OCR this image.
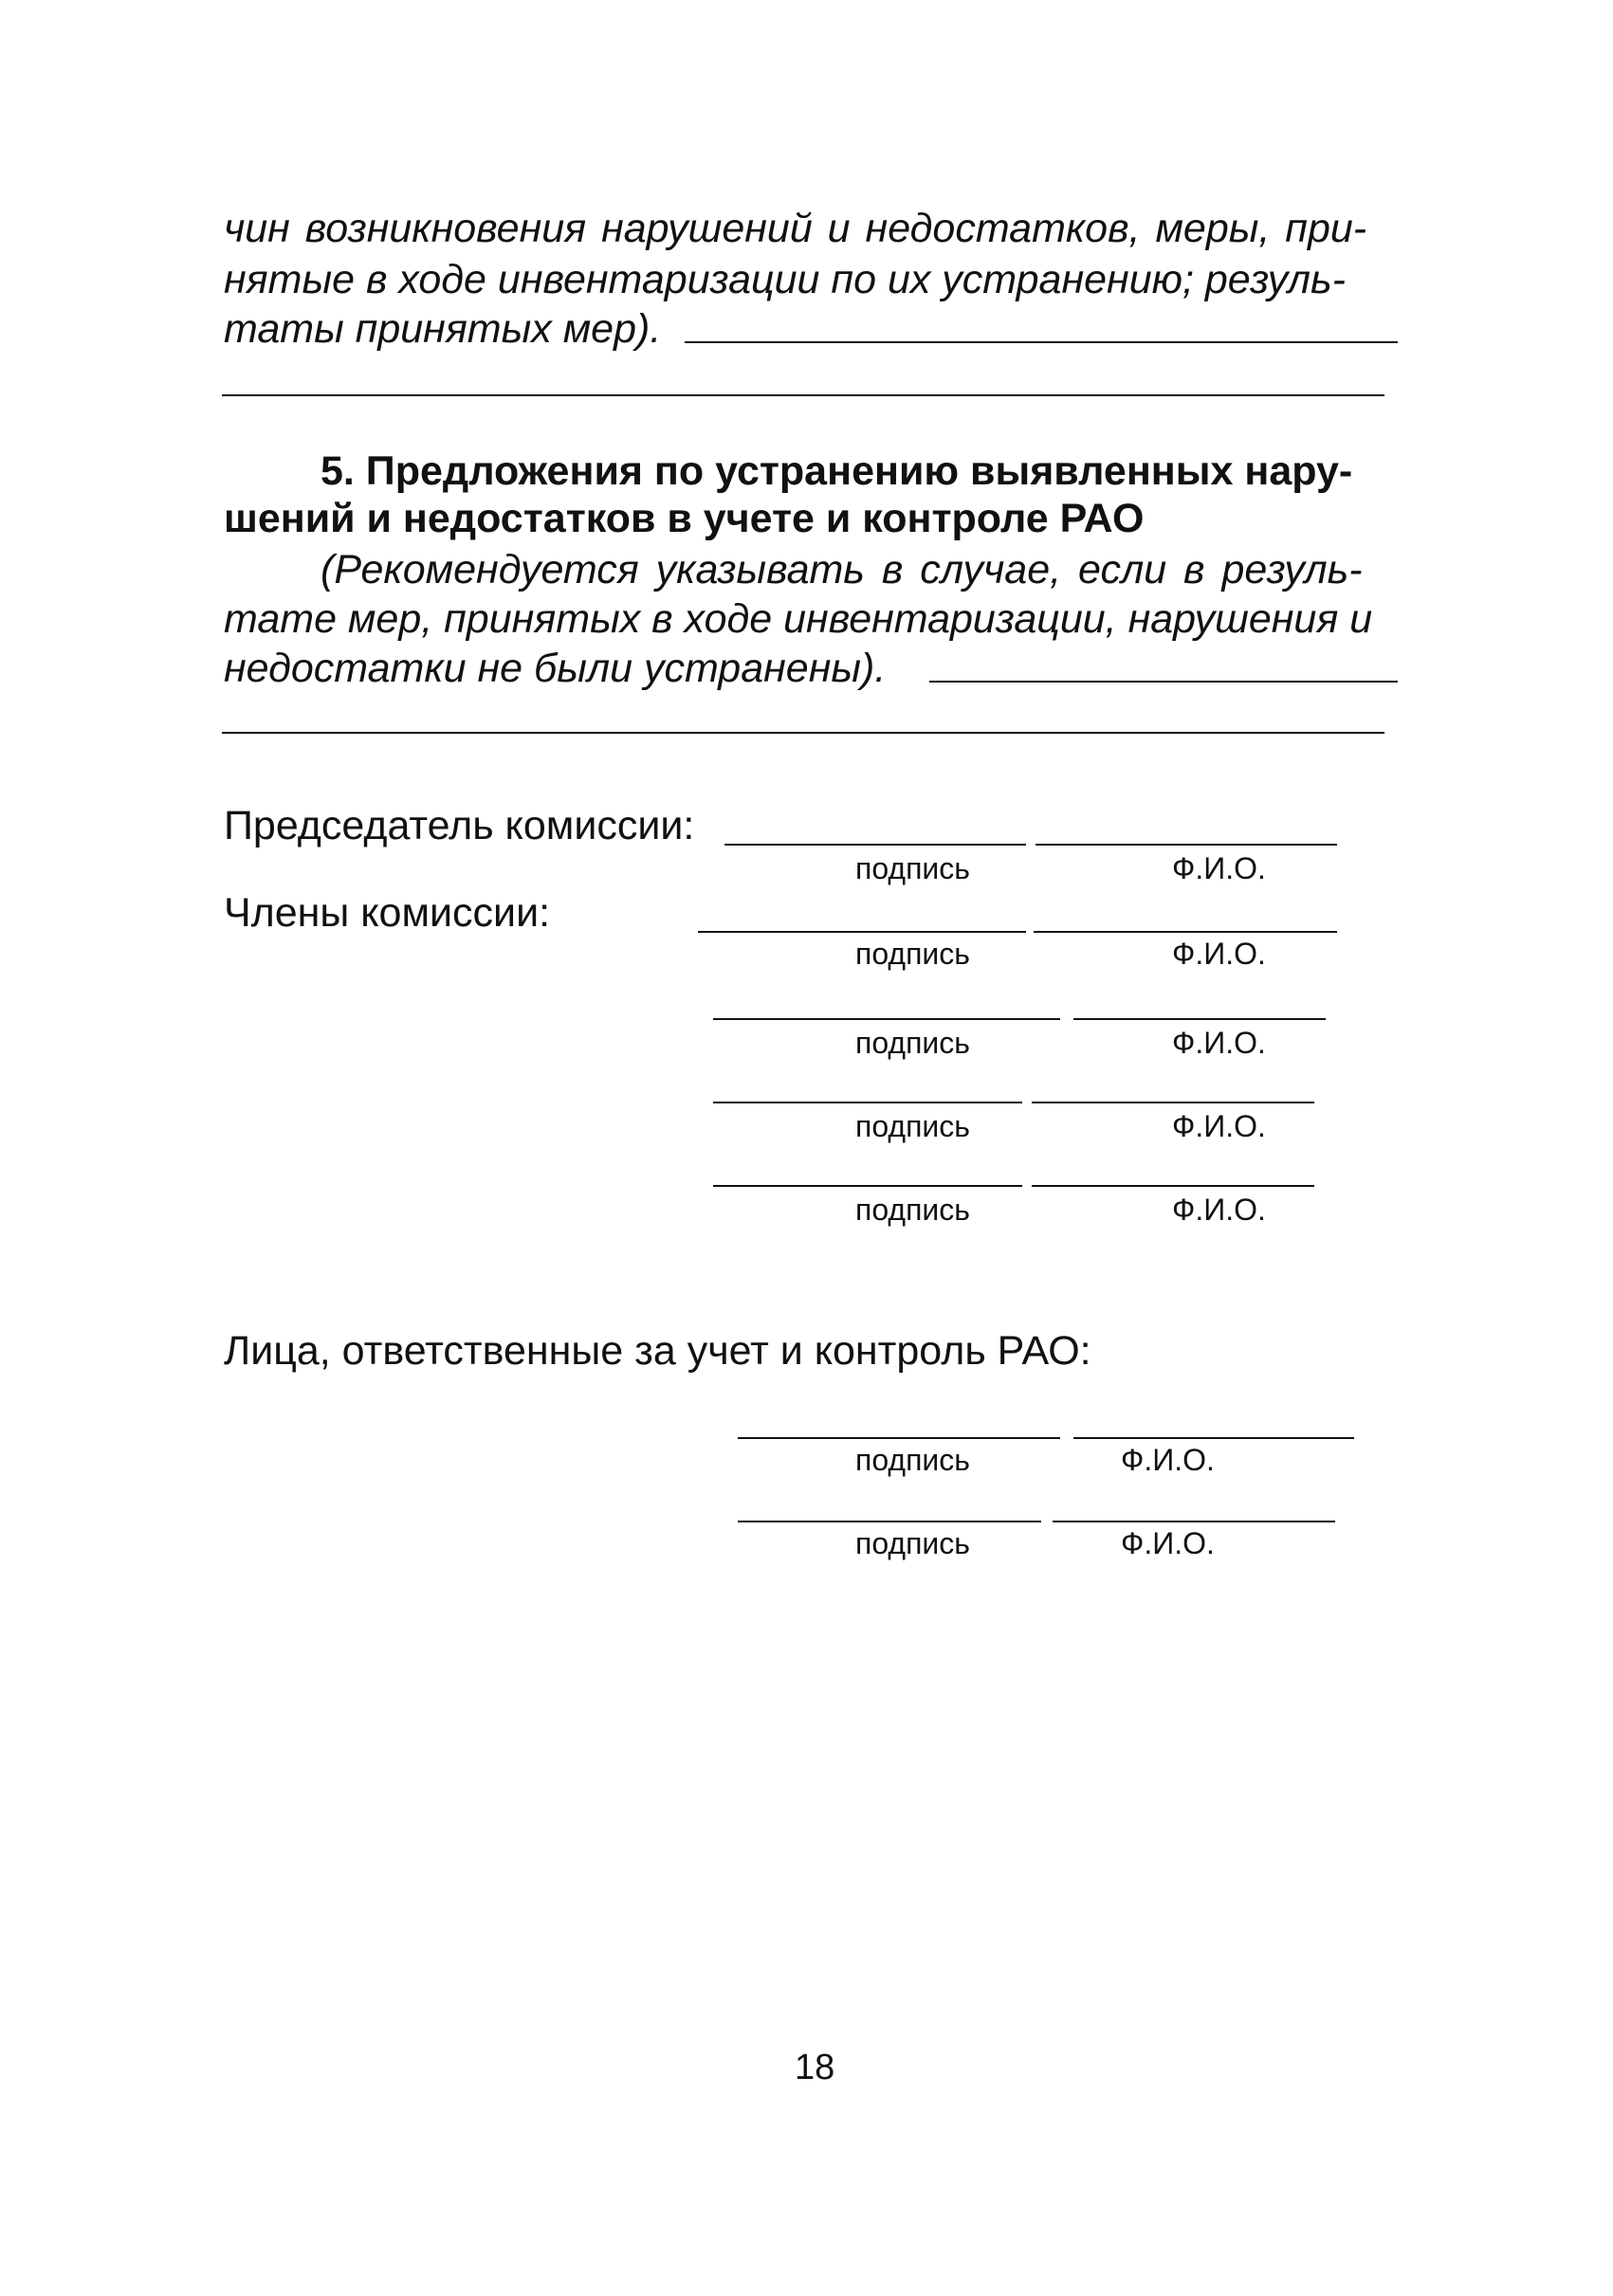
чин возникновения нарушений и недостатков, меры, при-
нятые в ходе инвентаризации по их устранению; резуль-
таты принятых мер).
5. Предложения по устранению выявленных нару-
шений и недостатков в учете и контроле РАО
(Рекомендуется указывать в случае, если в резуль-
тате мер, принятых в ходе инвентаризации, нарушения и
недостатки не были устранены).
Председатель комиссии:
подпись	Ф.И.О.
Члены комиссии:
подпись	Ф.И.О.
подпись	Ф.И.О.
подпись	Ф.И.О.
подпись	Ф.И.О.
Лица, ответственные за учет и контроль РАО:
подпись	Ф.И.О.
подпись	Ф.И.О.
18
